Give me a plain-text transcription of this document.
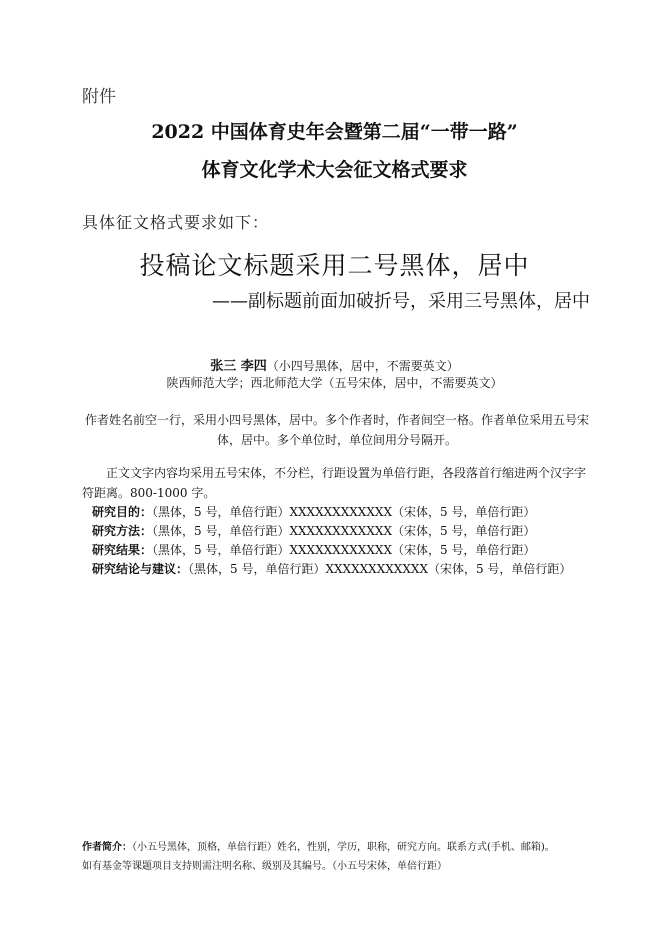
附件
2022 中国体育史年会暨第二届“一带一路”
体育文化学术大会征文格式要求
具体征文格式要求如下：
投稿论文标题采用二号黑体，居中
——副标题前面加破折号，采用三号黑体，居中
张三 李四（小四号黑体，居中，不需要英文）
陕西师范大学；西北师范大学（五号宋体，居中，不需要英文）
作者姓名前空一行，采用小四号黑体，居中。多个作者时，作者间空一格。作者单位采用五号宋体，居中。多个单位时，单位间用分号隔开。
正文文字内容均采用五号宋体，不分栏，行距设置为单倍行距，各段落首行缩进两个汉字字符距离。800-1000 字。
研究目的：（黑体，5 号，单倍行距）XXXXXXXXXXXX（宋体，5 号，单倍行距）
研究方法：（黑体，5 号，单倍行距）XXXXXXXXXXXX（宋体，5 号，单倍行距）
研究结果：（黑体，5 号，单倍行距）XXXXXXXXXXXX（宋体，5 号，单倍行距）
研究结论与建议：（黑体，5 号，单倍行距）XXXXXXXXXXXX（宋体，5 号，单倍行距）
作者简介：（小五号黑体，顶格，单倍行距）姓名，性别，学历，职称，研究方向。联系方式(手机、邮箱)。
如有基金等课题项目支持则需注明名称、级别及其编号。（小五号宋体，单倍行距）
